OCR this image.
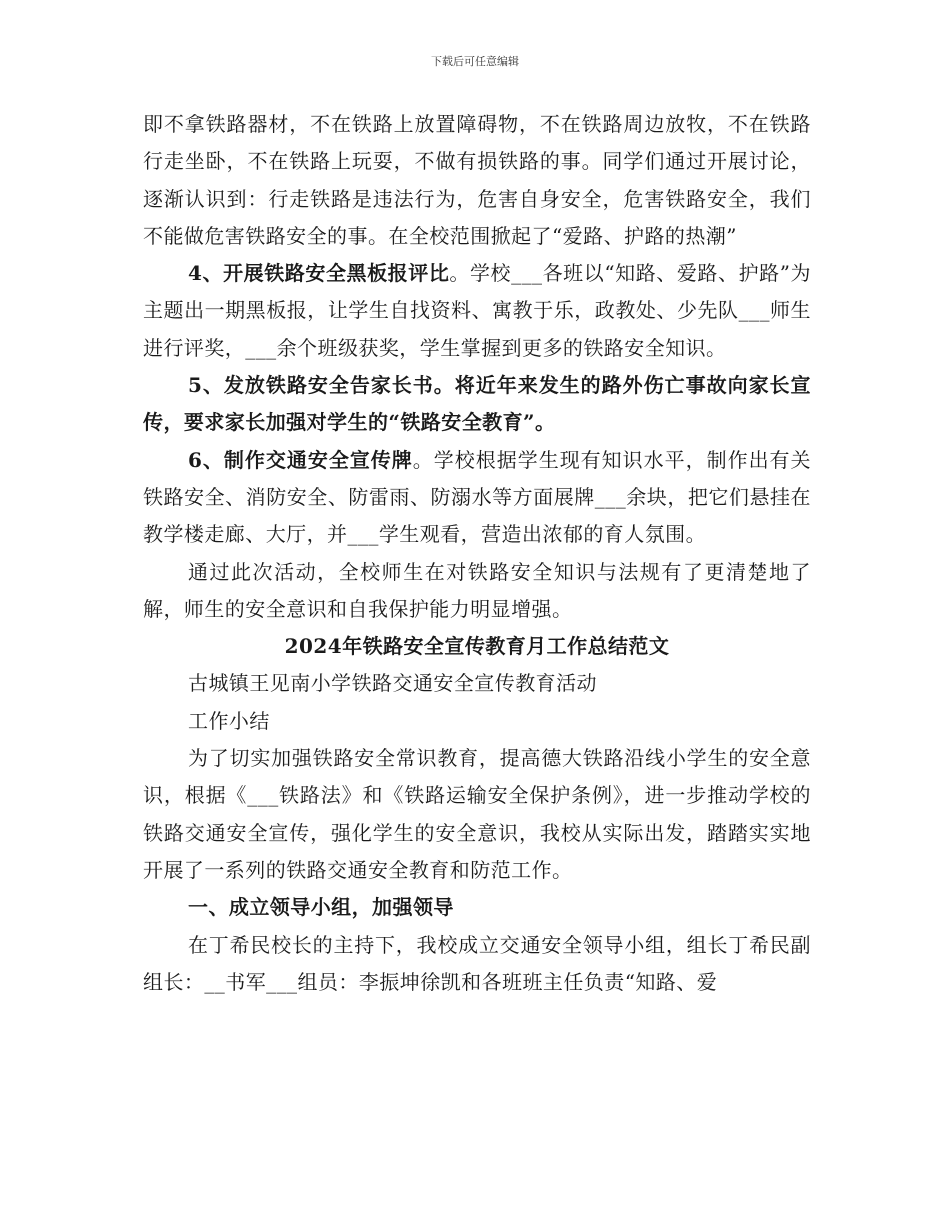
下载后可任意编辑

即不拿铁路器材，不在铁路上放置障碍物，不在铁路周边放牧，不在铁路行走坐卧，不在铁路上玩耍，不做有损铁路的事。同学们通过开展讨论，逐渐认识到：行走铁路是违法行为，危害自身安全，危害铁路安全，我们不能做危害铁路安全的事。在全校范围掀起了“爱路、护路的热潮”

4、开展铁路安全黑板报评比。学校___各班以“知路、爱路、护路”为主题出一期黑板报，让学生自找资料、寓教于乐，政教处、少先队___师生进行评奖，___余个班级获奖，学生掌握到更多的铁路安全知识。

5、发放铁路安全告家长书。将近年来发生的路外伤亡事故向家长宣传，要求家长加强对学生的“铁路安全教育”。

6、制作交通安全宣传牌。学校根据学生现有知识水平，制作出有关铁路安全、消防安全、防雷雨、防溺水等方面展牌___余块，把它们悬挂在教学楼走廊、大厅，并___学生观看，营造出浓郁的育人氛围。

通过此次活动，全校师生在对铁路安全知识与法规有了更清楚地了解，师生的安全意识和自我保护能力明显增强。

2024年铁路安全宣传教育月工作总结范文

古城镇王见南小学铁路交通安全宣传教育活动

工作小结

为了切实加强铁路安全常识教育，提高德大铁路沿线小学生的安全意识，根据《___铁路法》和《铁路运输安全保护条例》，进一步推动学校的铁路交通安全宣传，强化学生的安全意识，我校从实际出发，踏踏实实地开展了一系列的铁路交通安全教育和防范工作。

一、成立领导小组，加强领导

在丁希民校长的主持下，我校成立交通安全领导小组，组长丁希民副组长：__书军___组员：李振坤徐凯和各班班主任负责“知路、爱
